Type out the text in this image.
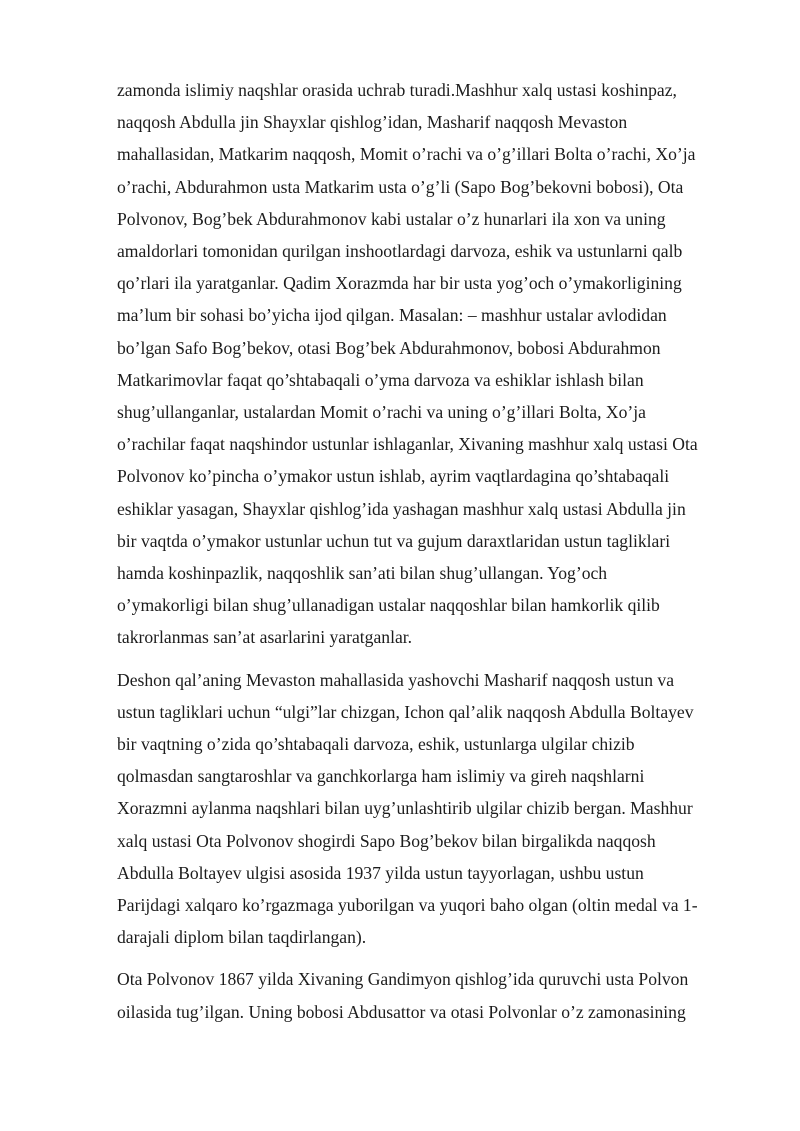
zamonda islimiy naqshlar orasida uchrab turadi.Mashhur xalq ustasi koshinpaz,
naqqosh Abdulla jin Shayxlar qishlog’idan, Masharif naqqosh Mevaston
mahallasidan, Matkarim naqqosh, Momit o’rachi va o’g’illari Bolta o’rachi, Xo’ja
o’rachi, Abdurahmon usta Matkarim usta o’g’li (Sapo Bog’bekovni bobosi), Ota
Polvonov, Bog’bek Abdurahmonov kabi ustalar o’z hunarlari ila xon va uning
amaldorlari tomonidan qurilgan inshootlardagi darvoza, eshik va ustunlarni qalb
qo’rlari ila yaratganlar. Qadim Xorazmda har bir usta yog’och o’ymakorligining
ma’lum bir sohasi bo’yicha ijod qilgan. Masalan: – mashhur ustalar avlodidan
bo’lgan Safo Bog’bekov, otasi Bog’bek Abdurahmonov, bobosi Abdurahmon
Matkarimovlar faqat qo’shtabaqali o’yma darvoza va eshiklar ishlash bilan
shug’ullanganlar, ustalardan Momit o’rachi va uning o’g’illari Bolta, Xo’ja
o’rachilar faqat naqshindor ustunlar ishlaganlar, Xivaning mashhur xalq ustasi Ota
Polvonov ko’pincha o’ymakor ustun ishlab, ayrim vaqtlardagina qo’shtabaqali
eshiklar yasagan, Shayxlar qishlog’ida yashagan mashhur xalq ustasi Abdulla jin
bir vaqtda o’ymakor ustunlar uchun tut va gujum daraxtlaridan ustun tagliklari
hamda koshinpazlik, naqqoshlik san’ati bilan shug’ullangan. Yog’och
o’ymakorligi bilan shug’ullanadigan ustalar naqqoshlar bilan hamkorlik qilib
takrorlanmas san’at asarlarini yaratganlar.

Deshon qal’aning Mevaston mahallasida yashovchi Masharif naqqosh ustun va
ustun tagliklari uchun “ulgi”lar chizgan, Ichon qal’alik naqqosh Abdulla Boltayev
bir vaqtning o’zida qo’shtabaqali darvoza, eshik, ustunlarga ulgilar chizib
qolmasdan sangtaroshlar va ganchkorlarga ham islimiy va gireh naqshlarni
Xorazmni aylanma naqshlari bilan uyg’unlashtirib ulgilar chizib bergan. Mashhur
xalq ustasi Ota Polvonov shogirdi Sapo Bog’bekov bilan birgalikda naqqosh
Abdulla Boltayev ulgisi asosida 1937 yilda ustun tayyorlagan, ushbu ustun
Parijdagi xalqaro ko’rgazmaga yuborilgan va yuqori baho olgan (oltin medal va 1-
darajali diplom bilan taqdirlangan).

Ota Polvonov 1867 yilda Xivaning Gandimyon qishlog’ida quruvchi usta Polvon
oilasida tug’ilgan. Uning bobosi Abdusattor va otasi Polvonlar o’z zamonasining
